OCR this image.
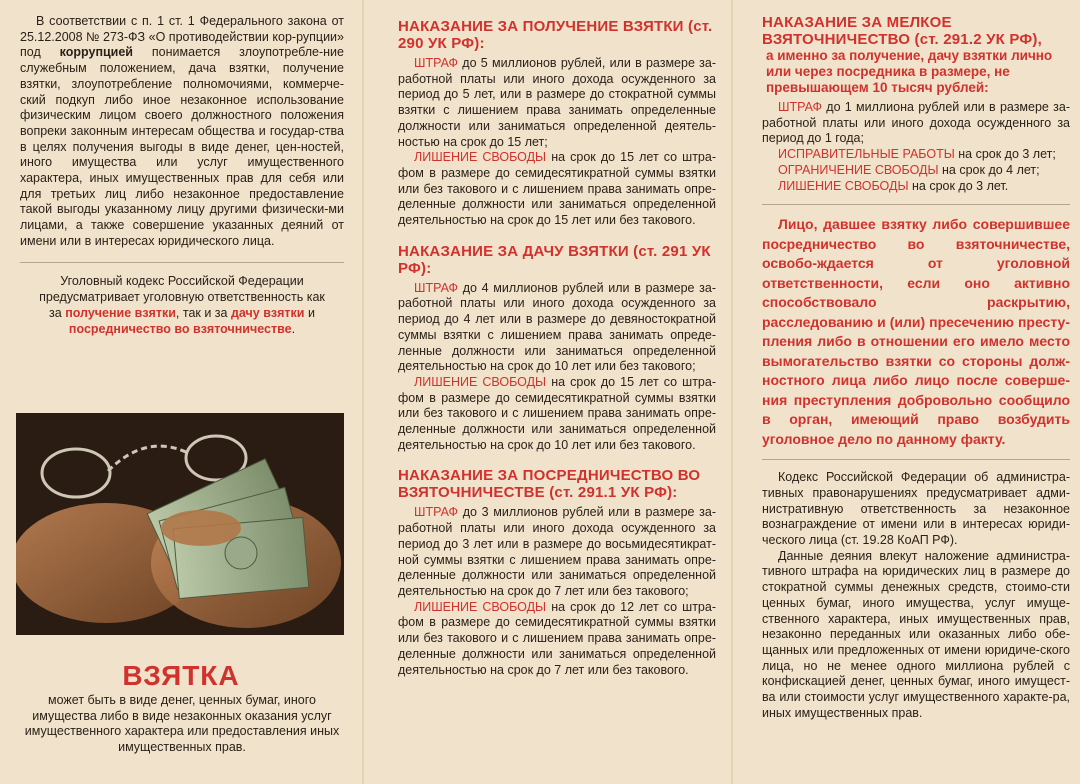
В соответствии с п. 1 ст. 1 Федерального закона от 25.12.2008 № 273-ФЗ «О противодействии кор-рупции» под коррупцией понимается злоупотребле-ние служебным положением, дача взятки, получение взятки, злоупотребление полномочиями, коммерче-ский подкуп либо иное незаконное использование физическим лицом своего должностного положения вопреки законным интересам общества и государ-ства в целях получения выгоды в виде денег, цен-ностей, иного имущества или услуг имущественного характера, иных имущественных прав для себя или для третьих лиц либо незаконное предоставление такой выгоды указанному лицу другими физически-ми лицами, а также совершение указанных деяний от имени или в интересах юридического лица.

Уголовный кодекс Российской Федерации предусматривает уголовную ответственность как за получение взятки, так и за дачу взятки и посредничество во взяточничестве.

ВЗЯТКА
может быть в виде денег, ценных бумаг, иного имущества либо в виде незаконных оказания услуг имущественного характера или предоставления иных имущественных прав.
НАКАЗАНИЕ ЗА ПОЛУЧЕНИЕ ВЗЯТКИ (ст. 290 УК РФ):

ШТРАФ до 5 миллионов рублей, или в размере за-работной платы или иного дохода осужденного за период до 5 лет, или в размере до стократной суммы взятки с лишением права занимать определенные должности или заниматься определенной деятель-ностью на срок до 15 лет;

ЛИШЕНИЕ СВОБОДЫ на срок до 15 лет со штра-фом в размере до семидесятикратной суммы взятки или без такового и с лишением права занимать опре-деленные должности или заниматься определенной деятельностью на срок до 15 лет или без такового.

НАКАЗАНИЕ ЗА ДАЧУ ВЗЯТКИ (ст. 291 УК РФ):

ШТРАФ до 4 миллионов рублей или в размере за-работной платы или иного дохода осужденного за период до 4 лет или в размере до девяностократной суммы взятки с лишением права занимать опреде-ленные должности или заниматься определенной деятельностью на срок до 10 лет или без такового;

ЛИШЕНИЕ СВОБОДЫ на срок до 15 лет со штра-фом в размере до семидесятикратной суммы взятки или без такового и с лишением права занимать опре-деленные должности или заниматься определенной деятельностью на срок до 10 лет или без такового.

НАКАЗАНИЕ ЗА ПОСРЕДНИЧЕСТВО ВО ВЗЯТОЧНИЧЕСТВЕ (ст. 291.1 УК РФ):

ШТРАФ до 3 миллионов рублей или в размере за-работной платы или иного дохода осужденного за период до 3 лет или в размере до восьмидесятикрат-ной суммы взятки с лишением права занимать опре-деленные должности или заниматься определенной деятельностью на срок до 7 лет или без такового;

ЛИШЕНИЕ СВОБОДЫ на срок до 12 лет со штра-фом в размере до семидесятикратной суммы взятки или без такового и с лишением права занимать опре-деленные должности или заниматься определенной деятельностью на срок до 7 лет или без такового.

НАКАЗАНИЕ ЗА МЕЛКОЕ ВЗЯТОЧНИЧЕСТВО (ст. 291.2 УК РФ),
а именно за получение, дачу взятки лично или через посредника в размере, не превышающем 10 тысяч рублей:

ШТРАФ до 1 миллиона рублей или в размере за-работной платы или иного дохода осужденного за период до 1 года;

ИСПРАВИТЕЛЬНЫЕ РАБОТЫ на срок до 3 лет;

ОГРАНИЧЕНИЕ СВОБОДЫ на срок до 4 лет;

ЛИШЕНИЕ СВОБОДЫ на срок до 3 лет.

Лицо, давшее взятку либо совершившее посредничество во взяточничестве, освобо-ждается от уголовной ответственности, если оно активно способствовало раскрытию, расследованию и (или) пресечению престу-пления либо в отношении его имело место вымогательство взятки со стороны долж-ностного лица либо лицо после соверше-ния преступления добровольно сообщило в орган, имеющий право возбудить уголовное дело по данному факту.

Кодекс Российской Федерации об администра-тивных правонарушениях предусматривает адми-нистративную ответственность за незаконное вознаграждение от имени или в интересах юриди-ческого лица (ст. 19.28 КоАП РФ).

Данные деяния влекут наложение администра-тивного штрафа на юридических лиц в размере до стократной суммы денежных средств, стоимо-сти ценных бумаг, иного имущества, услуг имуще-ственного характера, иных имущественных прав, незаконно переданных или оказанных либо обе-щанных или предложенных от имени юридиче-ского лица, но не менее одного миллиона рублей с конфискацией денег, ценных бумаг, иного имущест-ва или стоимости услуг имущественного характе-ра, иных имущественных прав.
